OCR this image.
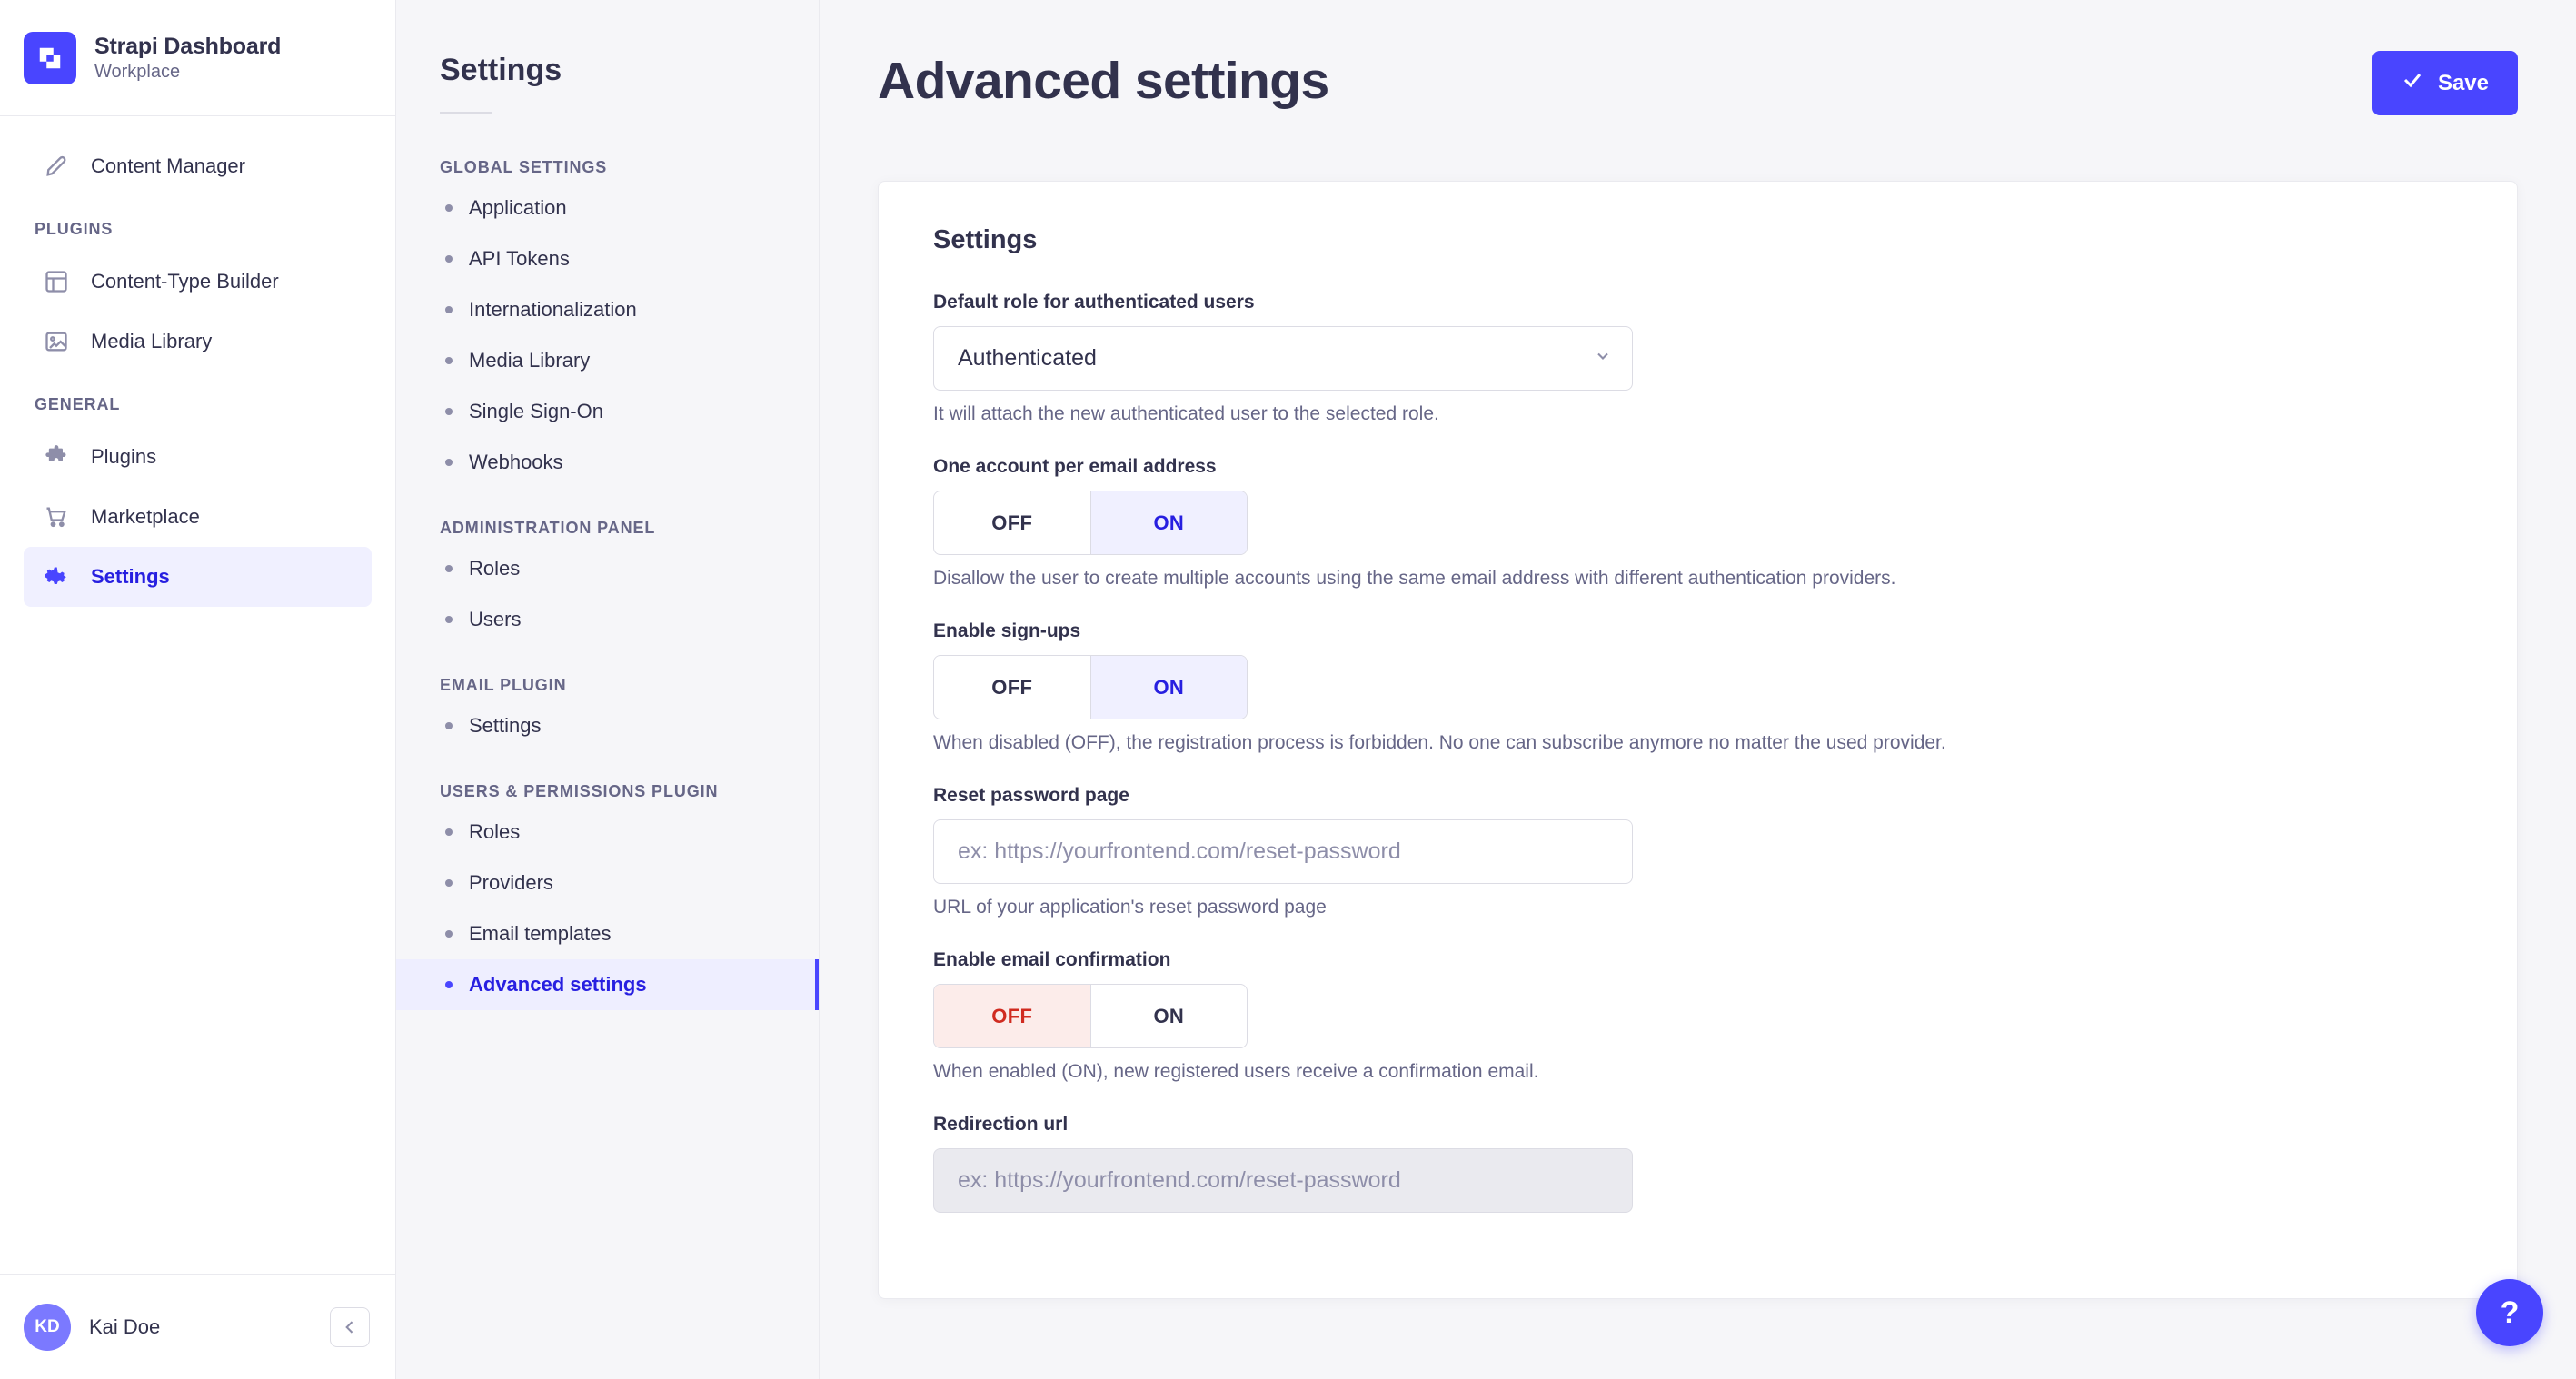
Strapi Dashboard
Workplace
Content Manager
PLUGINS
Content-Type Builder
Media Library
GENERAL
Plugins
Marketplace
Settings
KD	Kai Doe
Settings
GLOBAL SETTINGS
Application
API Tokens
Internationalization
Media Library
Single Sign-On
Webhooks
ADMINISTRATION PANEL
Roles
Users
EMAIL PLUGIN
Settings
USERS & PERMISSIONS PLUGIN
Roles
Providers
Email templates
Advanced settings
Advanced settings	Save
Settings
Default role for authenticated users
Authenticated
It will attach the new authenticated user to the selected role.
One account per email address
OFF	ON
Disallow the user to create multiple accounts using the same email address with different authentication providers.
Enable sign-ups
OFF	ON
When disabled (OFF), the registration process is forbidden. No one can subscribe anymore no matter the used provider.
Reset password page
ex: https://yourfrontend.com/reset-password
URL of your application's reset password page
Enable email confirmation
OFF	ON
When enabled (ON), new registered users receive a confirmation email.
Redirection url
ex: https://yourfrontend.com/reset-password
?
